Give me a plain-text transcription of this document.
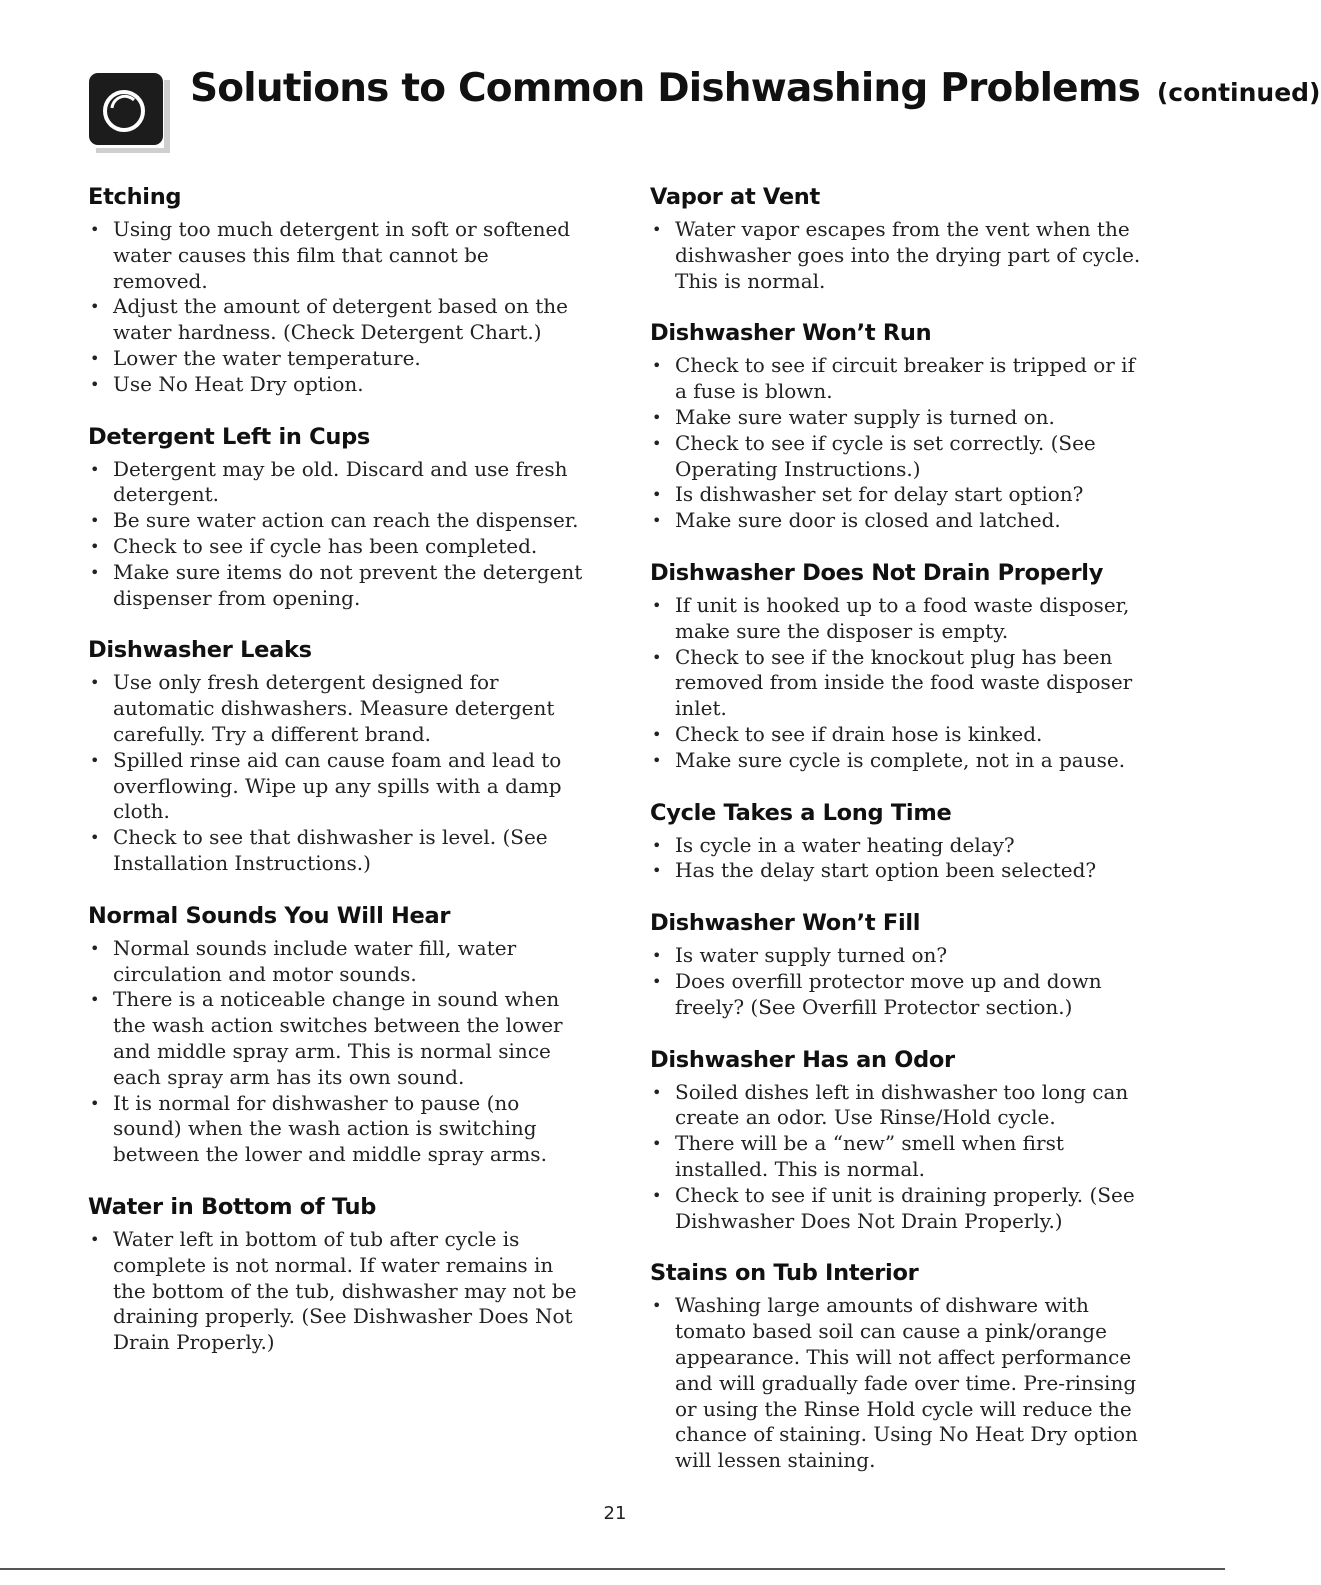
Solutions to Common Dishwashing Problems (continued)
Etching
• Using too much detergent in soft or softened water causes this film that cannot be removed.
• Adjust the amount of detergent based on the water hardness. (Check Detergent Chart.)
• Lower the water temperature.
• Use No Heat Dry option.
Detergent Left in Cups
• Detergent may be old. Discard and use fresh detergent.
• Be sure water action can reach the dispenser.
• Check to see if cycle has been completed.
• Make sure items do not prevent the detergent dispenser from opening.
Dishwasher Leaks
• Use only fresh detergent designed for automatic dishwashers. Measure detergent carefully. Try a different brand.
• Spilled rinse aid can cause foam and lead to overflowing. Wipe up any spills with a damp cloth.
• Check to see that dishwasher is level. (See Installation Instructions.)
Normal Sounds You Will Hear
• Normal sounds include water fill, water circulation and motor sounds.
• There is a noticeable change in sound when the wash action switches between the lower and middle spray arm. This is normal since each spray arm has its own sound.
• It is normal for dishwasher to pause (no sound) when the wash action is switching between the lower and middle spray arms.
Water in Bottom of Tub
• Water left in bottom of tub after cycle is complete is not normal. If water remains in the bottom of the tub, dishwasher may not be draining properly. (See Dishwasher Does Not Drain Properly.)
Vapor at Vent
• Water vapor escapes from the vent when the dishwasher goes into the drying part of cycle. This is normal.
Dishwasher Won’t Run
• Check to see if circuit breaker is tripped or if a fuse is blown.
• Make sure water supply is turned on.
• Check to see if cycle is set correctly. (See Operating Instructions.)
• Is dishwasher set for delay start option?
• Make sure door is closed and latched.
Dishwasher Does Not Drain Properly
• If unit is hooked up to a food waste disposer, make sure the disposer is empty.
• Check to see if the knockout plug has been removed from inside the food waste disposer inlet.
• Check to see if drain hose is kinked.
• Make sure cycle is complete, not in a pause.
Cycle Takes a Long Time
• Is cycle in a water heating delay?
• Has the delay start option been selected?
Dishwasher Won’t Fill
• Is water supply turned on?
• Does overfill protector move up and down freely? (See Overfill Protector section.)
Dishwasher Has an Odor
• Soiled dishes left in dishwasher too long can create an odor. Use Rinse/Hold cycle.
• There will be a “new” smell when first installed. This is normal.
• Check to see if unit is draining properly. (See Dishwasher Does Not Drain Properly.)
Stains on Tub Interior
• Washing large amounts of dishware with tomato based soil can cause a pink/orange appearance. This will not affect performance and will gradually fade over time. Pre-rinsing or using the Rinse Hold cycle will reduce the chance of staining. Using No Heat Dry option will lessen staining.
21
